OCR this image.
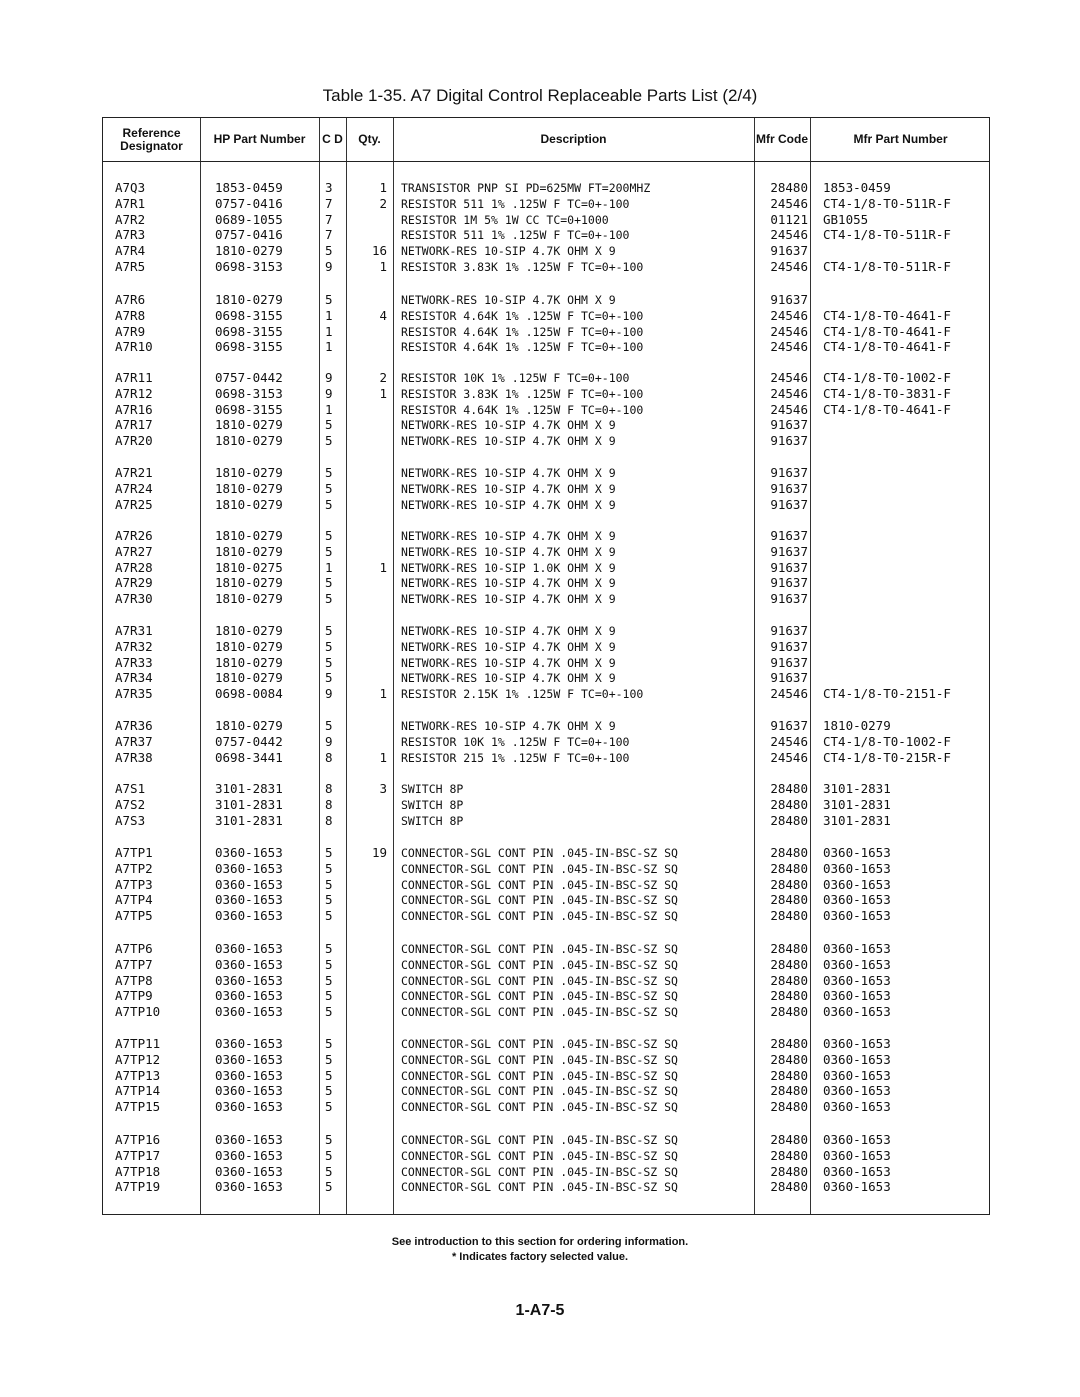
Table 1-35. A7 Digital Control Replaceable Parts List (2/4)
Reference Designator	HP Part Number	C D	Qty.	Description	Mfr Code	Mfr Part Number
A7Q3	1853-0459	3	1 TRANSISTOR PNP SI PD=625MW FT=200MHZ	28480 1853-0459
A7R1	0757-0416	7	2 RESISTOR 511 1% .125W F TC=0+-100	24546 CT4-1/8-T0-511R-F
A7R2	0689-1055	7	RESISTOR 1M 5% 1W CC TC=0+1000	01121 GB1055
A7R3	0757-0416	7	RESISTOR 511 1% .125W F TC=0+-100	24546 CT4-1/8-T0-511R-F
A7R4	1810-0279	5	16 NETWORK-RES 10-SIP 4.7K OHM X 9	91637
A7R5	0698-3153	9	1 RESISTOR 3.83K 1% .125W F TC=0+-100	24546 CT4-1/8-T0-511R-F
A7R6	1810-0279	5	NETWORK-RES 10-SIP 4.7K OHM X 9	91637
A7R8	0698-3155	1	4 RESISTOR 4.64K 1% .125W F TC=0+-100	24546 CT4-1/8-T0-4641-F
A7R9	0698-3155	1	RESISTOR 4.64K 1% .125W F TC=0+-100	24546 CT4-1/8-T0-4641-F
A7R10	0698-3155	1	RESISTOR 4.64K 1% .125W F TC=0+-100	24546 CT4-1/8-T0-4641-F
A7R11	0757-0442	9	2 RESISTOR 10K 1% .125W F TC=0+-100	24546 CT4-1/8-T0-1002-F
A7R12	0698-3153	9	1 RESISTOR 3.83K 1% .125W F TC=0+-100	24546 CT4-1/8-T0-3831-F
A7R16	0698-3155	1	RESISTOR 4.64K 1% .125W F TC=0+-100	24546 CT4-1/8-T0-4641-F
A7R17	1810-0279	5	NETWORK-RES 10-SIP 4.7K OHM X 9	91637
A7R20	1810-0279	5	NETWORK-RES 10-SIP 4.7K OHM X 9	91637
A7R21	1810-0279	5	NETWORK-RES 10-SIP 4.7K OHM X 9	91637
A7R24	1810-0279	5	NETWORK-RES 10-SIP 4.7K OHM X 9	91637
A7R25	1810-0279	5	NETWORK-RES 10-SIP 4.7K OHM X 9	91637
A7R26	1810-0279	5	NETWORK-RES 10-SIP 4.7K OHM X 9	91637
A7R27	1810-0279	5	NETWORK-RES 10-SIP 4.7K OHM X 9	91637
A7R28	1810-0275	1	1 NETWORK-RES 10-SIP 1.0K OHM X 9	91637
A7R29	1810-0279	5	NETWORK-RES 10-SIP 4.7K OHM X 9	91637
A7R30	1810-0279	5	NETWORK-RES 10-SIP 4.7K OHM X 9	91637
A7R31	1810-0279	5	NETWORK-RES 10-SIP 4.7K OHM X 9	91637
A7R32	1810-0279	5	NETWORK-RES 10-SIP 4.7K OHM X 9	91637
A7R33	1810-0279	5	NETWORK-RES 10-SIP 4.7K OHM X 9	91637
A7R34	1810-0279	5	NETWORK-RES 10-SIP 4.7K OHM X 9	91637
A7R35	0698-0084	9	1 RESISTOR 2.15K 1% .125W F TC=0+-100	24546 CT4-1/8-T0-2151-F
A7R36	1810-0279	5	NETWORK-RES 10-SIP 4.7K OHM X 9	91637 1810-0279
A7R37	0757-0442	9	RESISTOR 10K 1% .125W F TC=0+-100	24546 CT4-1/8-T0-1002-F
A7R38	0698-3441	8	1 RESISTOR 215 1% .125W F TC=0+-100	24546 CT4-1/8-T0-215R-F
A7S1	3101-2831	8	3 SWITCH 8P	28480 3101-2831
A7S2	3101-2831	8	SWITCH 8P	28480 3101-2831
A7S3	3101-2831	8	SWITCH 8P	28480 3101-2831
A7TP1	0360-1653	5	19 CONNECTOR-SGL CONT PIN .045-IN-BSC-SZ SQ	28480 0360-1653
A7TP2	0360-1653	5	CONNECTOR-SGL CONT PIN .045-IN-BSC-SZ SQ	28480 0360-1653
A7TP3	0360-1653	5	CONNECTOR-SGL CONT PIN .045-IN-BSC-SZ SQ	28480 0360-1653
A7TP4	0360-1653	5	CONNECTOR-SGL CONT PIN .045-IN-BSC-SZ SQ	28480 0360-1653
A7TP5	0360-1653	5	CONNECTOR-SGL CONT PIN .045-IN-BSC-SZ SQ	28480 0360-1653
A7TP6	0360-1653	5	CONNECTOR-SGL CONT PIN .045-IN-BSC-SZ SQ	28480 0360-1653
A7TP7	0360-1653	5	CONNECTOR-SGL CONT PIN .045-IN-BSC-SZ SQ	28480 0360-1653
A7TP8	0360-1653	5	CONNECTOR-SGL CONT PIN .045-IN-BSC-SZ SQ	28480 0360-1653
A7TP9	0360-1653	5	CONNECTOR-SGL CONT PIN .045-IN-BSC-SZ SQ	28480 0360-1653
A7TP10	0360-1653	5	CONNECTOR-SGL CONT PIN .045-IN-BSC-SZ SQ	28480 0360-1653
A7TP11	0360-1653	5	CONNECTOR-SGL CONT PIN .045-IN-BSC-SZ SQ	28480 0360-1653
A7TP12	0360-1653	5	CONNECTOR-SGL CONT PIN .045-IN-BSC-SZ SQ	28480 0360-1653
A7TP13	0360-1653	5	CONNECTOR-SGL CONT PIN .045-IN-BSC-SZ SQ	28480 0360-1653
A7TP14	0360-1653	5	CONNECTOR-SGL CONT PIN .045-IN-BSC-SZ SQ	28480 0360-1653
A7TP15	0360-1653	5	CONNECTOR-SGL CONT PIN .045-IN-BSC-SZ SQ	28480 0360-1653
A7TP16	0360-1653	5	CONNECTOR-SGL CONT PIN .045-IN-BSC-SZ SQ	28480 0360-1653
A7TP17	0360-1653	5	CONNECTOR-SGL CONT PIN .045-IN-BSC-SZ SQ	28480 0360-1653
A7TP18	0360-1653	5	CONNECTOR-SGL CONT PIN .045-IN-BSC-SZ SQ	28480 0360-1653
A7TP19	0360-1653	5	CONNECTOR-SGL CONT PIN .045-IN-BSC-SZ SQ	28480 0360-1653
See introduction to this section for ordering information.
* Indicates factory selected value.
1-A7-5
